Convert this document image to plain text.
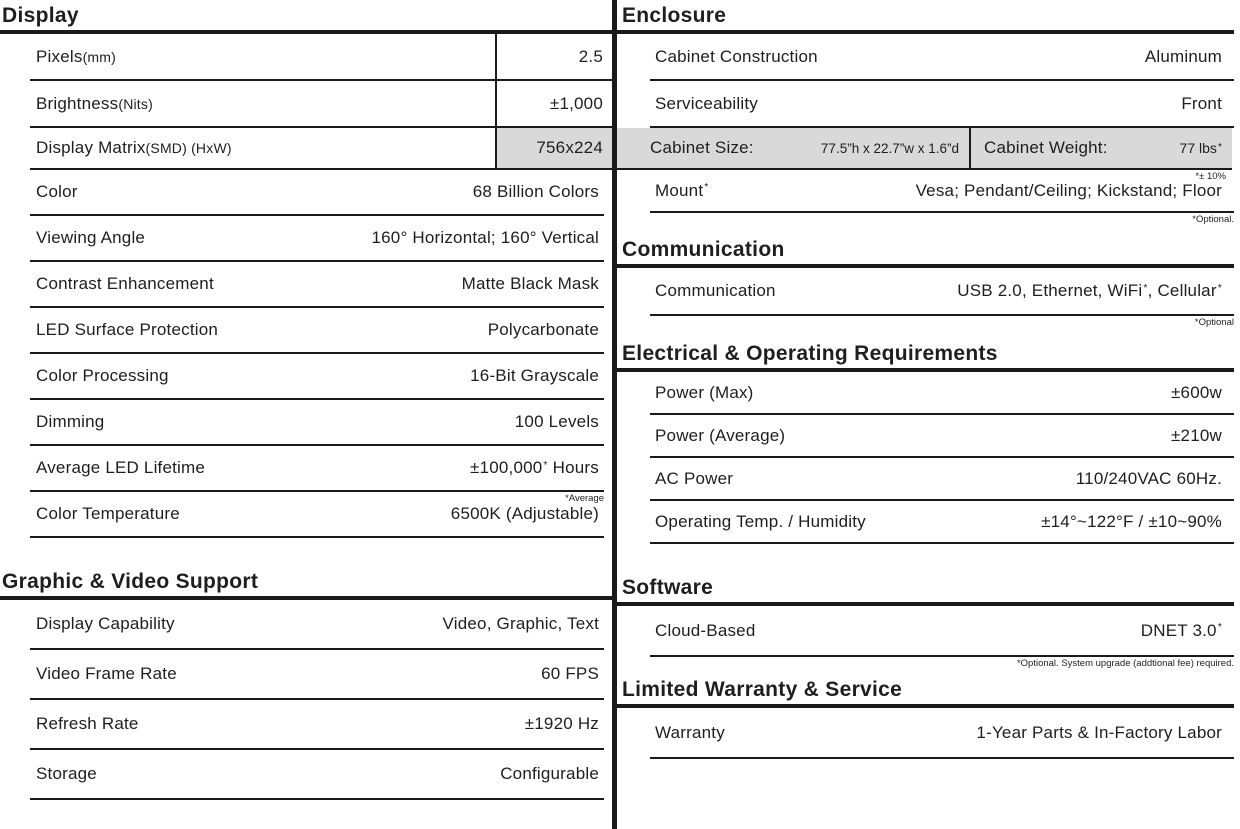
Display
Pixels (mm)	2.5
Brightness (Nits)	±1,000
Display Matrix (SMD) (HxW)	756x224
Color	68 Billion Colors
Viewing Angle	160° Horizontal; 160° Vertical
Contrast Enhancement	Matte Black Mask
LED Surface Protection	Polycarbonate
Color Processing	16-Bit Grayscale
Dimming	100 Levels
Average LED Lifetime	±100,000* Hours
*Average
Color Temperature	6500K (Adjustable)
Graphic & Video Support
Display Capability	Video, Graphic, Text
Video Frame Rate	60 FPS
Refresh Rate	±1920 Hz
Storage	Configurable
Enclosure
Cabinet Construction	Aluminum
Serviceability	Front
Cabinet Size:	77.5”h x 22.7”w x 1.6”d	Cabinet Weight:	77 lbs*
*± 10%
Mount*	Vesa; Pendant/Ceiling; Kickstand; Floor
*Optional.
Communication
Communication	USB 2.0, Ethernet, WiFi*, Cellular*
*Optional
Electrical & Operating Requirements
Power (Max)	±600w
Power (Average)	±210w
AC Power	110/240VAC 60Hz.
Operating Temp. / Humidity	±14°~122°F / ±10~90%
Software
Cloud-Based	DNET 3.0*
*Optional. System upgrade (addtional fee) required.
Limited Warranty & Service
Warranty	1-Year Parts & In-Factory Labor
